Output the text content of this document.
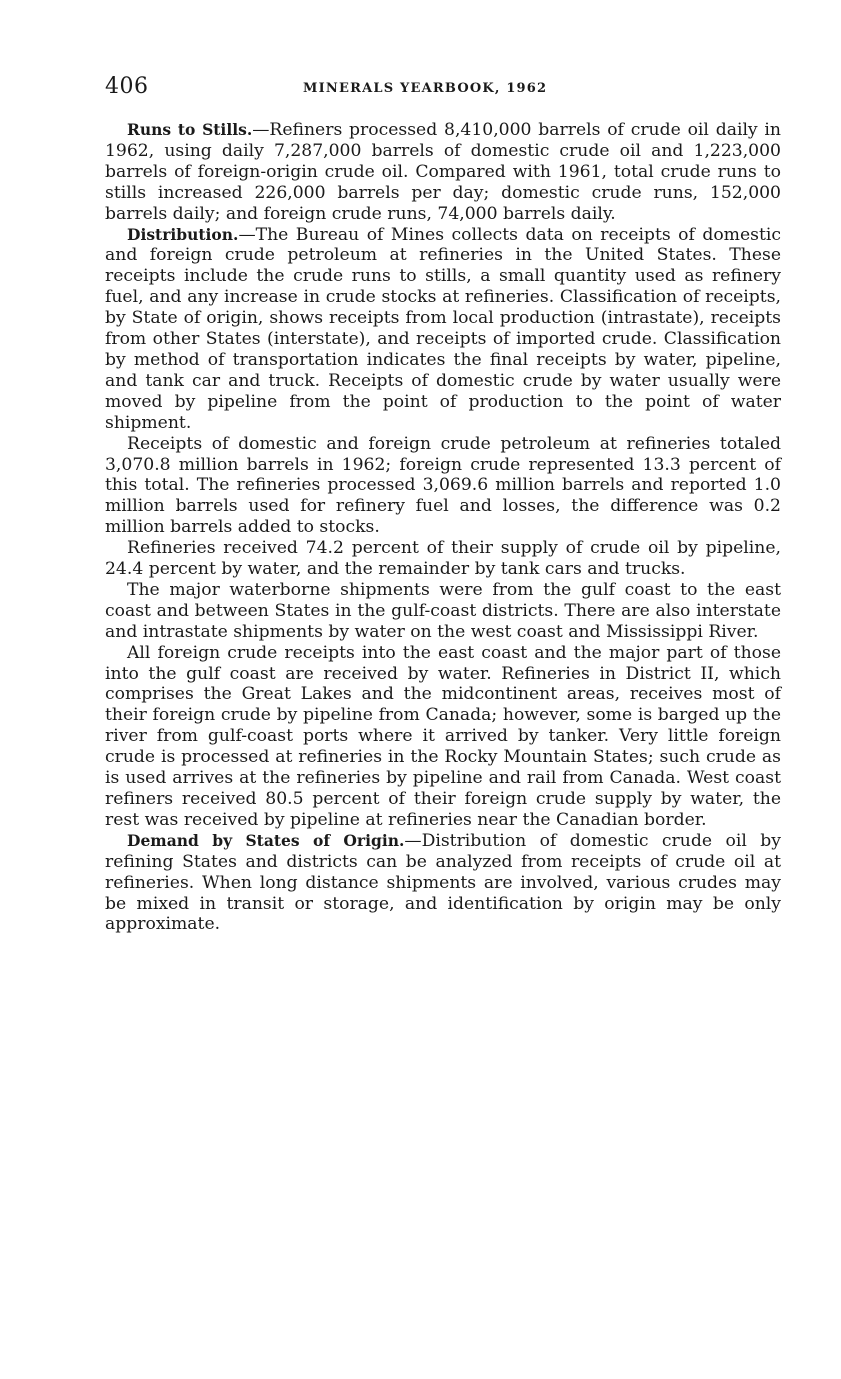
406	MINERALS YEARBOOK, 1962

Runs to Stills.—Refiners processed 8,410,000 barrels of crude oil daily in 1962, using daily 7,287,000 barrels of domestic crude oil and 1,223,000 barrels of foreign-origin crude oil. Compared with 1961, total crude runs to stills increased 226,000 barrels per day; domestic crude runs, 152,000 barrels daily; and foreign crude runs, 74,000 barrels daily.

Distribution.—The Bureau of Mines collects data on receipts of domestic and foreign crude petroleum at refineries in the United States. These receipts include the crude runs to stills, a small quantity used as refinery fuel, and any increase in crude stocks at refineries. Classification of receipts, by State of origin, shows receipts from local production (intrastate), receipts from other States (interstate), and receipts of imported crude. Classification by method of transportation indicates the final receipts by water, pipeline, and tank car and truck. Receipts of domestic crude by water usually were moved by pipeline from the point of production to the point of water shipment.

Receipts of domestic and foreign crude petroleum at refineries totaled 3,070.8 million barrels in 1962; foreign crude represented 13.3 percent of this total. The refineries processed 3,069.6 million barrels and reported 1.0 million barrels used for refinery fuel and losses, the difference was 0.2 million barrels added to stocks.

Refineries received 74.2 percent of their supply of crude oil by pipeline, 24.4 percent by water, and the remainder by tank cars and trucks.

The major waterborne shipments were from the gulf coast to the east coast and between States in the gulf-coast districts. There are also interstate and intrastate shipments by water on the west coast and Mississippi River.

All foreign crude receipts into the east coast and the major part of those into the gulf coast are received by water. Refineries in District II, which comprises the Great Lakes and the midcontinent areas, receives most of their foreign crude by pipeline from Canada; however, some is barged up the river from gulf-coast ports where it arrived by tanker. Very little foreign crude is processed at refineries in the Rocky Mountain States; such crude as is used arrives at the refineries by pipeline and rail from Canada. West coast refiners received 80.5 percent of their foreign crude supply by water, the rest was received by pipeline at refineries near the Canadian border.

Demand by States of Origin.—Distribution of domestic crude oil by refining States and districts can be analyzed from receipts of crude oil at refineries. When long distance shipments are involved, various crudes may be mixed in transit or storage, and identification by origin may be only approximate.
